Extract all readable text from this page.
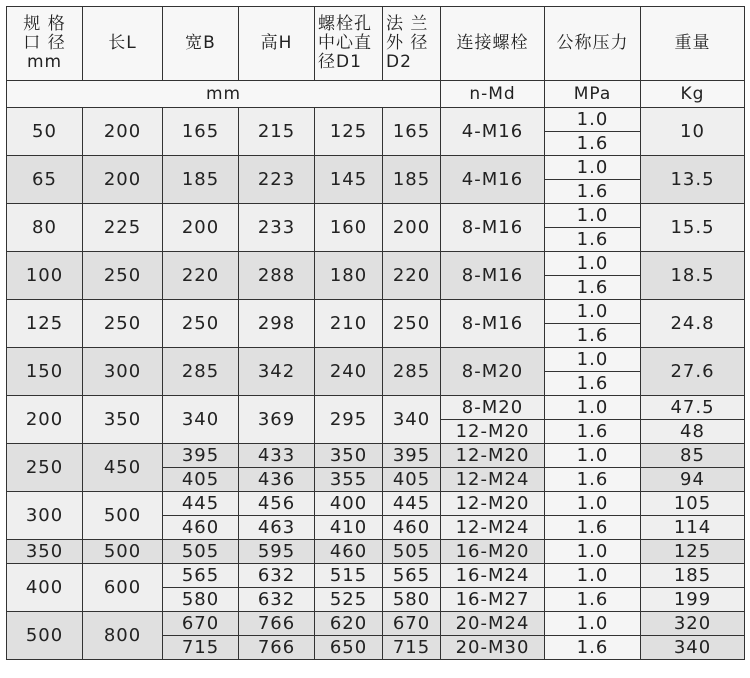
规 格
口 径
mm	长L	宽B	高H	螺栓孔
中心直
径D1	法 兰
外 径
D2	连接螺栓	公称压力	重量
mm						n-Md	MPa	Kg
50	200	165	215	125	165	4-M16	1.0	10
							1.6	
65	200	185	223	145	185	4-M16	1.0	13.5
							1.6	
80	225	200	233	160	200	8-M16	1.0	15.5
							1.6	
100	250	220	288	180	220	8-M16	1.0	18.5
							1.6	
125	250	250	298	210	250	8-M16	1.0	24.8
							1.6	
150	300	285	342	240	285	8-M20	1.0	27.6
							1.6	
200	350	340	369	295	340	8-M20	1.0	47.5
						12-M20	1.6	48
250	450	395	433	350	395	12-M20	1.0	85
		405	436	355	405	12-M24	1.6	94
300	500	445	456	400	445	12-M20	1.0	105
		460	463	410	460	12-M24	1.6	114
350	500	505	595	460	505	16-M20	1.0	125
400	600	565	632	515	565	16-M24	1.0	185
		580	632	525	580	16-M27	1.6	199
500	800	670	766	620	670	20-M24	1.0	320
		715	766	650	715	20-M30	1.6	340
